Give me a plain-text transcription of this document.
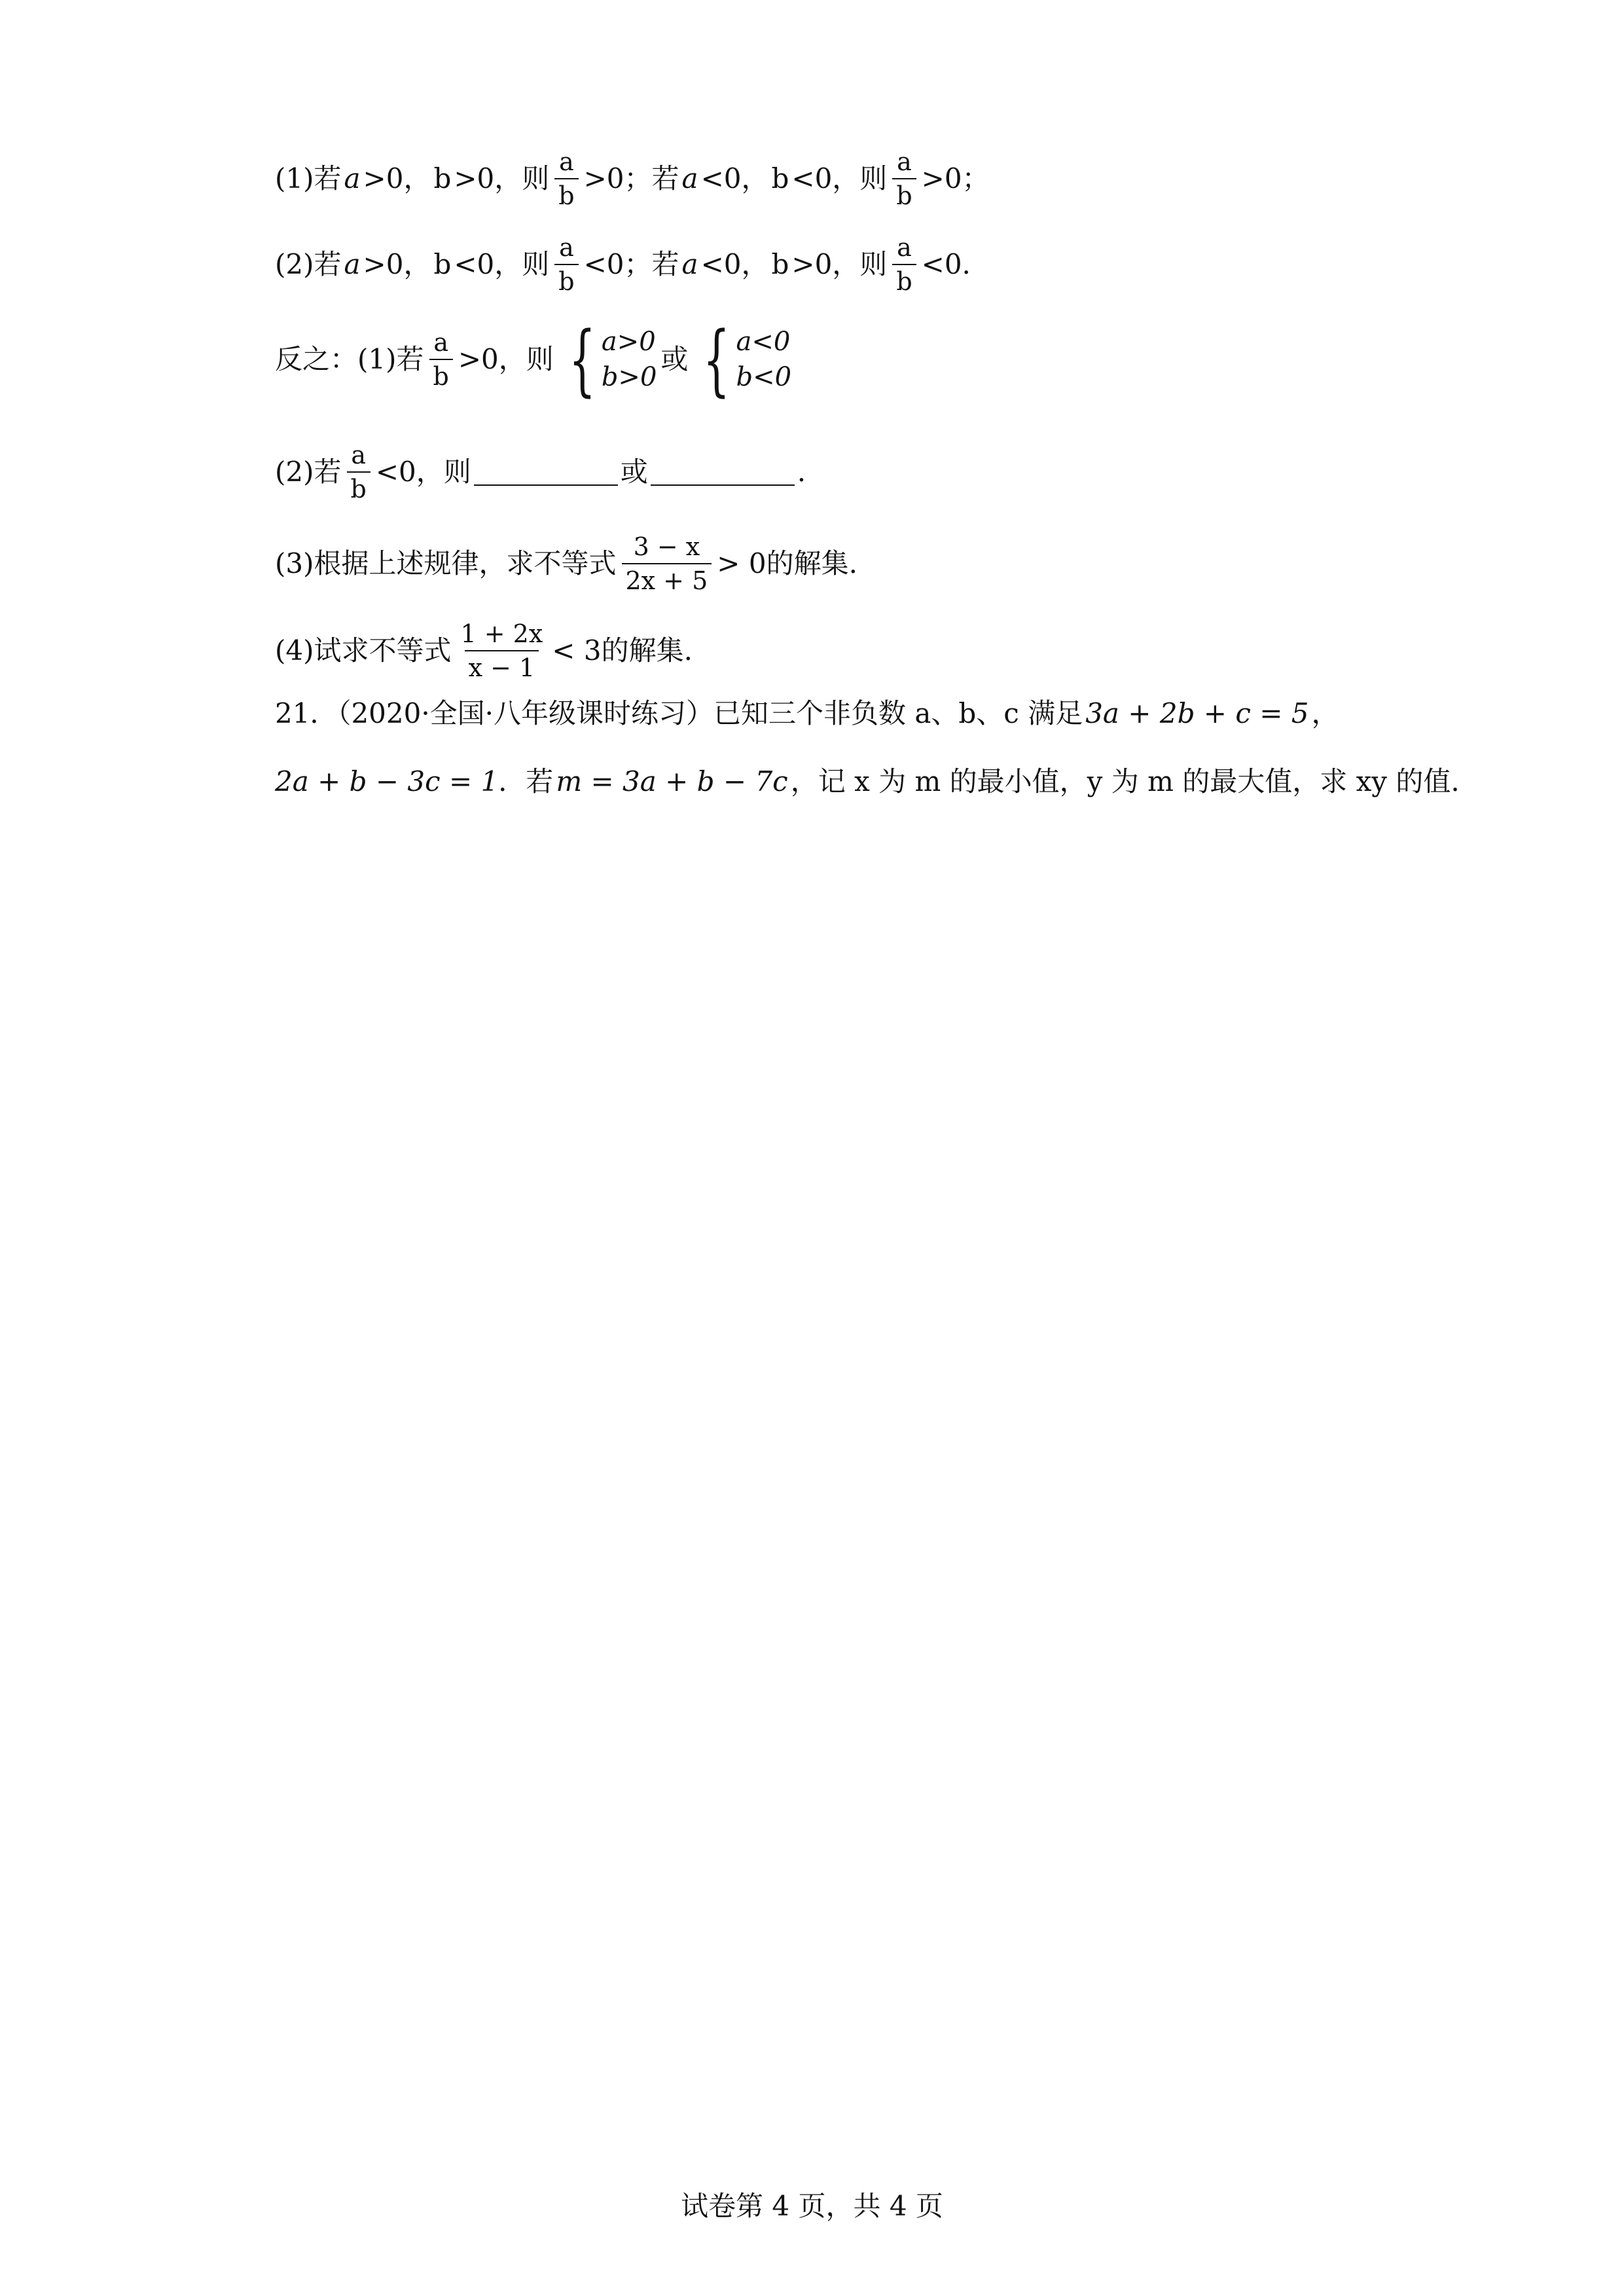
(1)若 a >0， b >0，则 $\frac{a}{b} >0$；若 a <0， b <0，则 $\frac{a}{b} >0$；
(2)若 a >0， b <0，则 $\frac{a}{b} <0$；若 a <0， b >0，则 $\frac{a}{b} <0$.
反之：(1)若 $\frac{a}{b} >0$，则 { a>0
b>0
或 { a<0
b<0
(2)若 $\frac{a}{b} <0$，则	或	.
(3)根据上述规律，求不等式 $\frac{3 - x}{2x + 5} > 0$ 的解集.
(4)试求不等式 $\frac{1 + 2x}{x - 1} < 3$ 的解集.
21．（2020·全国·八年级课时练习）已知三个非负数 a、b、c 满足 3a + 2b + c = 5 ，
2a + b − 3c = 1 ．若 m = 3a + b − 7c ，记 x 为 m 的最小值，y 为 m 的最大值，求 xy 的值.
试卷第 4 页，共 4 页
